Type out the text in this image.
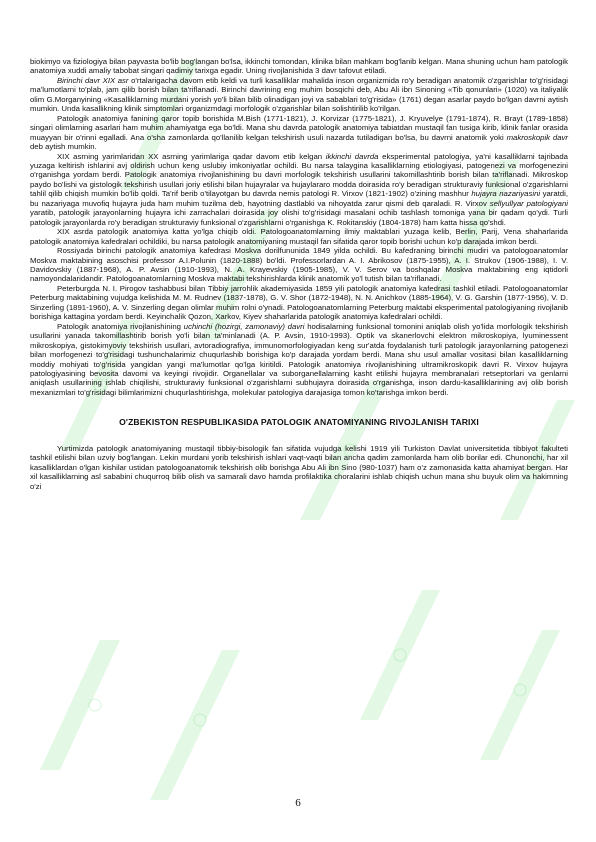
biokimyo va fiziologiya bilan payvasta bo'lib bog'langan bo'lsa, ikkinchi tomondan, klinika bilan mahkam bog'lanib kelgan. Mana shuning uchun ham patologik anatomiya xuddi amaliy tabobat singari qadimiy tarixga egadir. Uning rivojlanishida 3 davr tafovut etiladi.

Birinchi davr XIX asr o'rtalarigacha davom etib keldi va turli kasalliklar mahalida inson organizmida ro'y beradigan anatomik o'zgarishlar to'g'risidagi ma'lumotlarni to'plab, jam qilib borish bilan ta'riflanadi. Birinchi davrining eng muhim bosqichi deb, Abu Ali ibn Sinoning «Tib qonunlari» (1020) va italiyalik olim G.Morganyining «Kasalliklarning murdani yorish yo'li bilan bilib olinadigan joyi va sabablari to'g'risida» (1761) degan asarlar paydo bo'lgan davrni aytish mumkin. Unda kasallikning klinik simptomlari organizmdagi morfologik o'zgarishlar bilan solishtirilib ko'rilgan.

Patologik anatomiya fanining qaror topib borishida M.Bish (1771-1821), J. Korvizar (1775-1821), J. Kryuvelye (1791-1874), R. Brayt (1789-1858) singari olimlarning asarlari ham muhim ahamiyatga ega bo'ldi. Mana shu davrda patologik anatomiya tabiatdan mustaqil fan tusiga kirib, klinik fanlar orasida muayyan bir o'rinni egalladi. Ana o'sha zamonlarda qo'llanilib kelgan tekshirish usuli nazarda tutiladigan bo'lsa, bu davrni anatomik yoki makroskopik davr deb aytish mumkin.

XIX asrning yarimlaridan XX asrning yarimlariga qadar davom etib kelgan ikkinchi davrda eksperimental patologiya, ya'ni kasalliklarni tajribada yuzaga keltirish ishlarini avj oldirish uchun keng uslubiy imkoniyatlar ochildi. Bu narsa talaygina kasalliklarning etiologiyasi, patogenezi va morfogenezini o'rganishga yordam berdi. Patologik anatomiya rivojlanishining bu davri morfologik tekshirish usullarini takomillashtirib borish bilan ta'riflanadi. Mikroskop paydo bo'lishi va gistologik tekshirish usullari joriy etilishi bilan hujayralar va hujaylararo modda doirasida ro'y beradigan strukturaviy funksional o'zgarishlarni tahlil qilib chiqish mumkin bo'lib qoldi. Ta'rif berib o'tilayotgan bu davrda nemis patologi R. Virxov (1821-1902) o'zining mashhur hujayra nazariyasini yaratdi, bu nazariyaga muvofiq hujayra juda ham muhim tuzilma deb, hayotning dastlabki va nihoyatda zarur qismi deb qaraladi. R. Virxov sellyullyar patologiyani yaratib, patologik jarayonlarning hujayra ichi zarrachalari doirasida joy olishi to'g'risidagi masalani ochib tashlash tomoniga yana bir qadam qo'ydi. Turli patologik jarayonlarda ro'y beradigan strukturaviy funksional o'zgarishlarni o'rganishga K. Rokitanskiy (1804-1878) ham katta hissa qo'shdi.

XIX asrda patologik anatomiya katta yo'lga chiqib oldi. Patologoanatomlarning ilmiy maktablari yuzaga kelib, Berlin, Parij, Vena shaharlarida patologik anatomiya kafedralari ochildiki, bu narsa patologik anatomiyaning mustaqil fan sifatida qaror topib borishi uchun ko'p darajada imkon berdi.

Rossiyada birinchi patologik anatomiya kafedrasi Moskva dorilfununida 1849 yilda ochildi. Bu kafedraning birinchi mudiri va patologoanatomlar Moskva maktabining asoschisi professor A.I.Polunin (1820-1888) bo'ldi. Professorlardan A. I. Abrikosov (1875-1955), A. I. Strukov (1906-1988), I. V. Davidovskiy (1887-1968), A. P. Avsin (1910-1993), N. A. Krayevskiy (1905-1985), V. V. Serov va boshqalar Moskva maktabining eng iqtidorli namoyondalaridandir. Patologoanatomlarning Moskva maktabi tekshirishlarda klinik anatomik yo'l tutish bilan ta'riflanadi.

Peterburgda N. I. Pirogov tashabbusi bilan Tibbiy jarrohlik akademiyasida 1859 yili patologik anatomiya kafedrasi tashkil etiladi. Patologoanatomlar Peterburg maktabining vujudga kelishida M. M. Rudnev (1837-1878), G. V. Shor (1872-1948), N. N. Anichkov (1885-1964), V. G. Garshin (1877-1956), V. D. Sinzerling (1891-1960), A. V. Sinzerling degan olimlar muhim rolni o'ynadi. Patologoanatomlarning Peterburg maktabi eksperimental patologiyaning rivojlanib borishiga kattagina yordam berdi. Keyinchalik Qozon, Xarkov, Kiyev shaharlarida patologik anatomiya kafedralari ochildi.

Patologik anatomiya rivojlanishining uchinchi (hozirgi, zamonaviy) davri hodisalarning funksional tomonini aniqlab olish yo'lida morfologik tekshirish usullarini yanada takomillashtirib borish yo'li bilan ta'minlanadi (A. P. Avsin, 1910-1993). Optik va skanerlovchi elektron mikroskopiya, lyuminessent mikroskopiya, gistokimyoviy tekshirish usullari, avtoradiografiya, immunomorfologiyadan keng sur'atda foydalanish turli patologik jarayonlarning patogenezi bilan morfogenezi to'g'risidagi tushunchalarimiz chuqurlashib borishiga ko'p darajada yordam berdi. Mana shu usul amallar vositasi bilan kasalliklarning moddiy mohiyati to'g'risida yangidan yangi ma'lumotlar qo'lga kiritildi. Patologik anatomiya rivojlanishining ultramikroskopik davri R. Virxov hujayra patologiyasining bevosita davomi va keyingi rivojidir. Organellalar va suborganellalarning kasht etilishi hujayra membranalari retseptorlari va genlarni aniqlash usullarining ishlab chiqilishi, strukturaviy funksional o'zgarishlarni subhujayra doirasida o'rganishga, inson dardu-kasalliklarining avj olib borish mexanizmlari to'g'risidagi bilimlarimizni chuqurlashtirishga, molekular patologiya darajasiga tomon ko'tarishga imkon berdi.

O'ZBEKISTON RESPUBLIKASIDA PATOLOGIK ANATOMIYANING RIVOJLANISH TARIXI

Yurtimizda patologik anatomiyaning mustaqil tibbiy-bisologik fan sifatida vujudga kelishi 1919 yili Turkiston Davlat universitetida tibbiyot fakulteti tashkil etilishi bilan uzviy bog'langan. Lekin murdani yorib tekshirish ishlari vaqt-vaqti bilan ancha qadim zamonlarda ham olib borilar edi. Chunonchi, har xil kasalliklardan o'lgan kishilar ustidan patologoanatomik tekshirish olib borishga Abu Ali ibn Sino (980-1037) ham o'z zamonasida katta ahamiyat bergan. Har xil kasalliklarning asl sababini chuqurroq bilib olish va samarali davo hamda profilaktika choralarini ishlab chiqish uchun mana shu buyuk olim va hakimning o'zi

6
